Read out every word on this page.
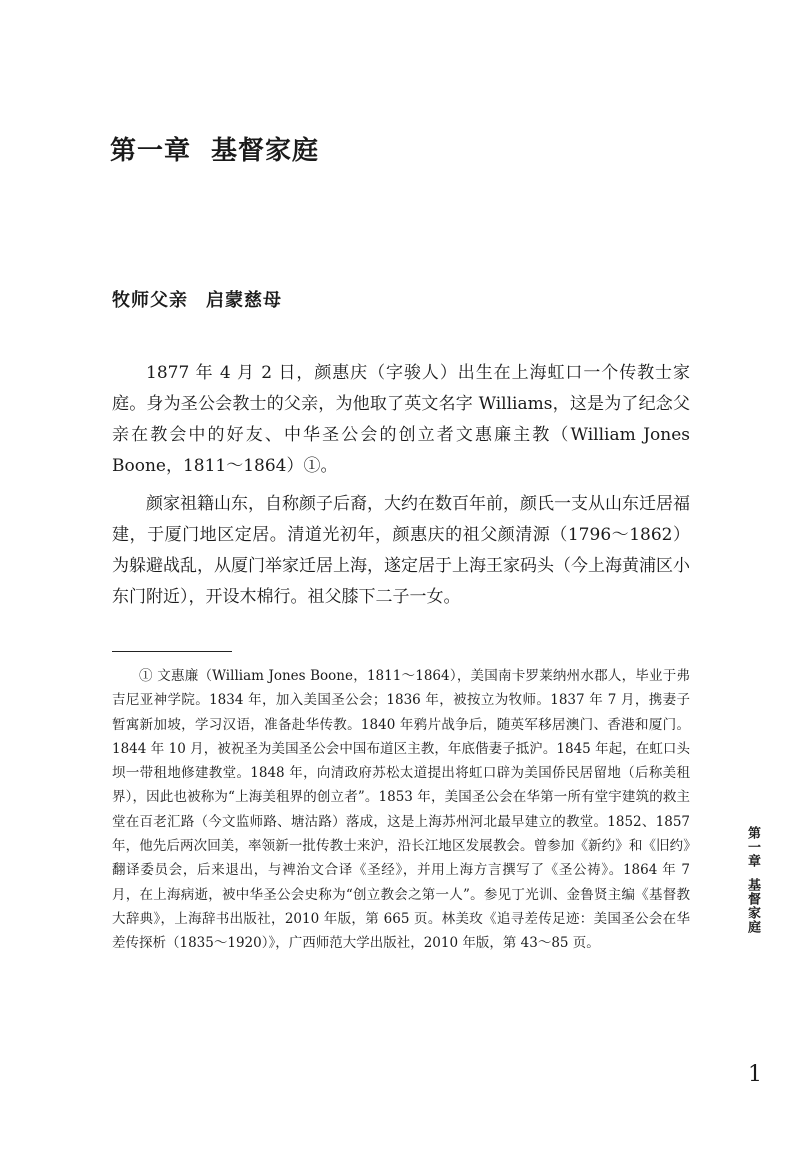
第一章 基督家庭
牧师父亲 启蒙慈母

1877 年 4 月 2 日，颜惠庆（字骏人）出生在上海虹口一个传教士家庭。身为圣公会教士的父亲，为他取了英文名字 Williams，这是为了纪念父亲在教会中的好友、中华圣公会的创立者文惠廉主教（William Jones Boone，1811～1864）①。

颜家祖籍山东，自称颜子后裔，大约在数百年前，颜氏一支从山东迁居福建，于厦门地区定居。清道光初年，颜惠庆的祖父颜清源（1796～1862）为躲避战乱，从厦门举家迁居上海，遂定居于上海王家码头（今上海黄浦区小东门附近），开设木棉行。祖父膝下二子一女。

① 文惠廉（William Jones Boone，1811～1864），美国南卡罗莱纳州水郡人，毕业于弗吉尼亚神学院。1834 年，加入美国圣公会；1836 年，被按立为牧师。1837 年 7 月，携妻子暂寓新加坡，学习汉语，准备赴华传教。1840 年鸦片战争后，随英军移居澳门、香港和厦门。1844 年 10 月，被祝圣为美国圣公会中国布道区主教，年底偕妻子抵沪。1845 年起，在虹口头坝一带租地修建教堂。1848 年，向清政府苏松太道提出将虹口辟为美国侨民居留地（后称美租界），因此也被称为“上海美租界的创立者”。1853 年，美国圣公会在华第一所有堂宇建筑的救主堂在百老汇路（今文监师路、塘沽路）落成，这是上海苏州河北最早建立的教堂。1852、1857 年，他先后两次回美，率领新一批传教士来沪，沿长江地区发展教会。曾参加《新约》和《旧约》翻译委员会，后来退出，与裨治文合译《圣经》，并用上海方言撰写了《圣公祷》。1864 年 7 月，在上海病逝，被中华圣公会史称为“创立教会之第一人”。参见丁光训、金鲁贤主编《基督教大辞典》，上海辞书出版社，2010 年版，第 665 页。林美玫《追寻差传足迹：美国圣公会在华差传探析（1835～1920）》，广西师范大学出版社，2010 年版，第 43～85 页。

第一章基督家庭
1
